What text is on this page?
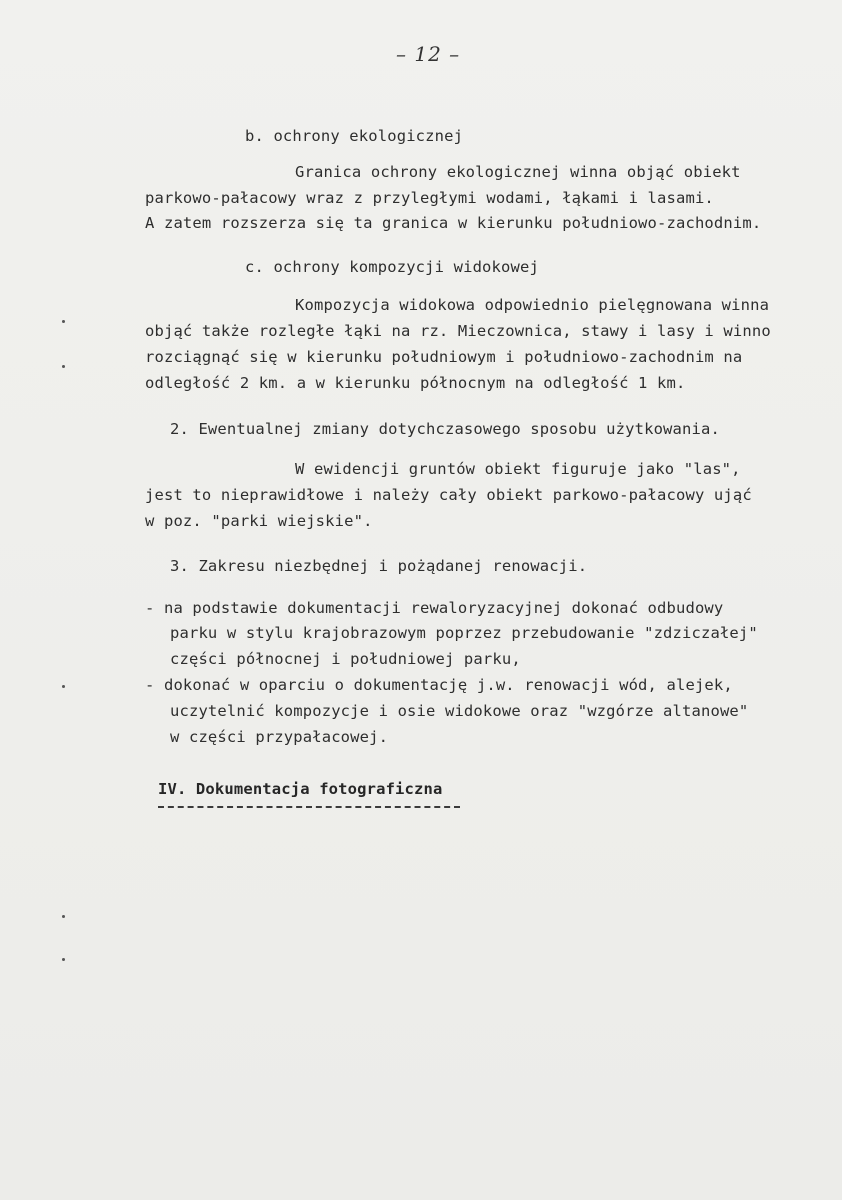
– 12 –
b. ochrony ekologicznej
Granica ochrony ekologicznej winna objąć obiekt
parkowo-pałacowy wraz z przyległymi wodami, łąkami i lasami.
A zatem rozszerza się ta granica w kierunku południowo-zachodnim.
c. ochrony kompozycji widokowej
Kompozycja widokowa odpowiednio pielęgnowana winna
objąć także rozległe łąki na rz. Mieczownica, stawy i lasy i winno
rozciągnąć się w kierunku południowym i południowo-zachodnim na
odległość 2 km. a w kierunku północnym na odległość 1 km.
2. Ewentualnej zmiany dotychczasowego sposobu użytkowania.
W ewidencji gruntów obiekt figuruje jako "las",
jest to nieprawidłowe i należy cały obiekt parkowo-pałacowy ująć
w poz. "parki wiejskie".
3. Zakresu niezbędnej i pożądanej renowacji.
- na podstawie dokumentacji rewaloryzacyjnej dokonać odbudowy
parku w stylu krajobrazowym poprzez przebudowanie "zdziczałej"
części północnej i południowej parku,
- dokonać w oparciu o dokumentację j.w. renowacji wód, alejek,
uczytelnić kompozycje i osie widokowe oraz "wzgórze altanowe"
w części przypałacowej.
IV. Dokumentacja fotograficzna
